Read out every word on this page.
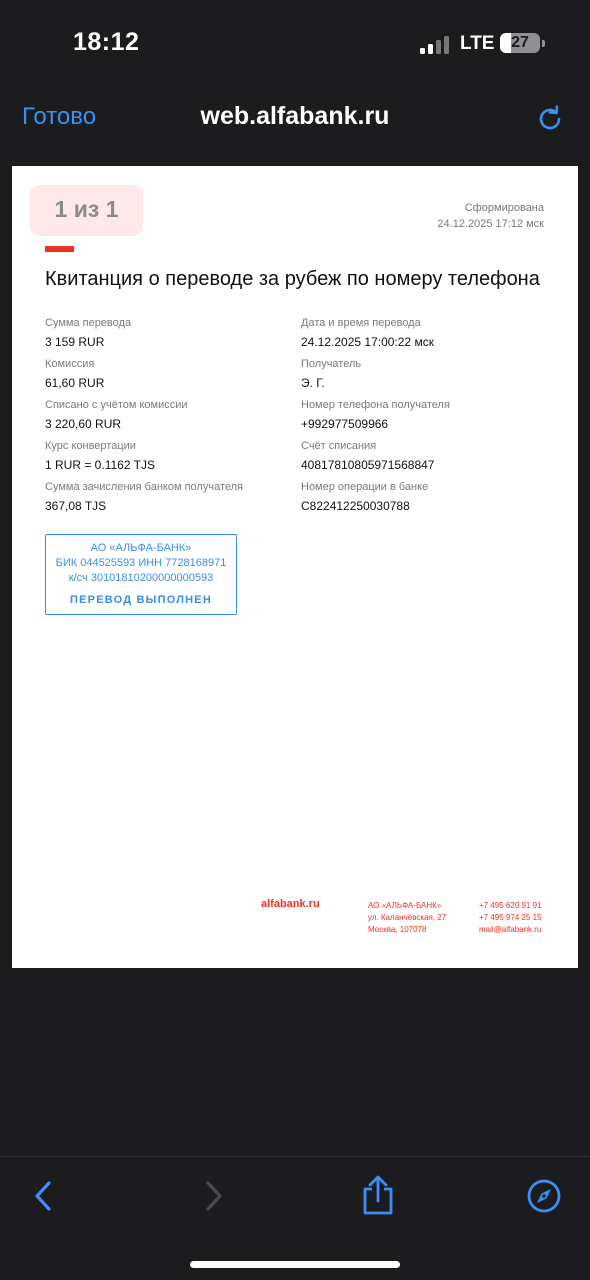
18:12	LTE	27
Готово	web.alfabank.ru
1 из 1	Сформирована
24.12.2025 17:12 мск
Квитанция о переводе за рубеж по номеру телефона
Сумма перевода
3 159 RUR
Комиссия
61,60 RUR
Списано с учётом комиссии
3 220,60 RUR
Курс конвертации
1 RUR = 0.1162 TJS
Сумма зачисления банком получателя
367,08 TJS
Дата и время перевода
24.12.2025 17:00:22 мск
Получатель
Э. Г.
Номер телефона получателя
+992977509966
Счёт списания
40817810805971568847
Номер операции в банке
C822412250030788
АО «АЛЬФА-БАНК»
БИК 044525593 ИНН 7728168971
к/сч 30101810200000000593
ПЕРЕВОД ВЫПОЛНЕН
alfabank.ru	АО «АЛЬФА-БАНК»
ул. Каланчёвская, 27
Москва, 107078
+7 495 620 91 91
+7 495 974 25 15
mail@alfabank.ru
